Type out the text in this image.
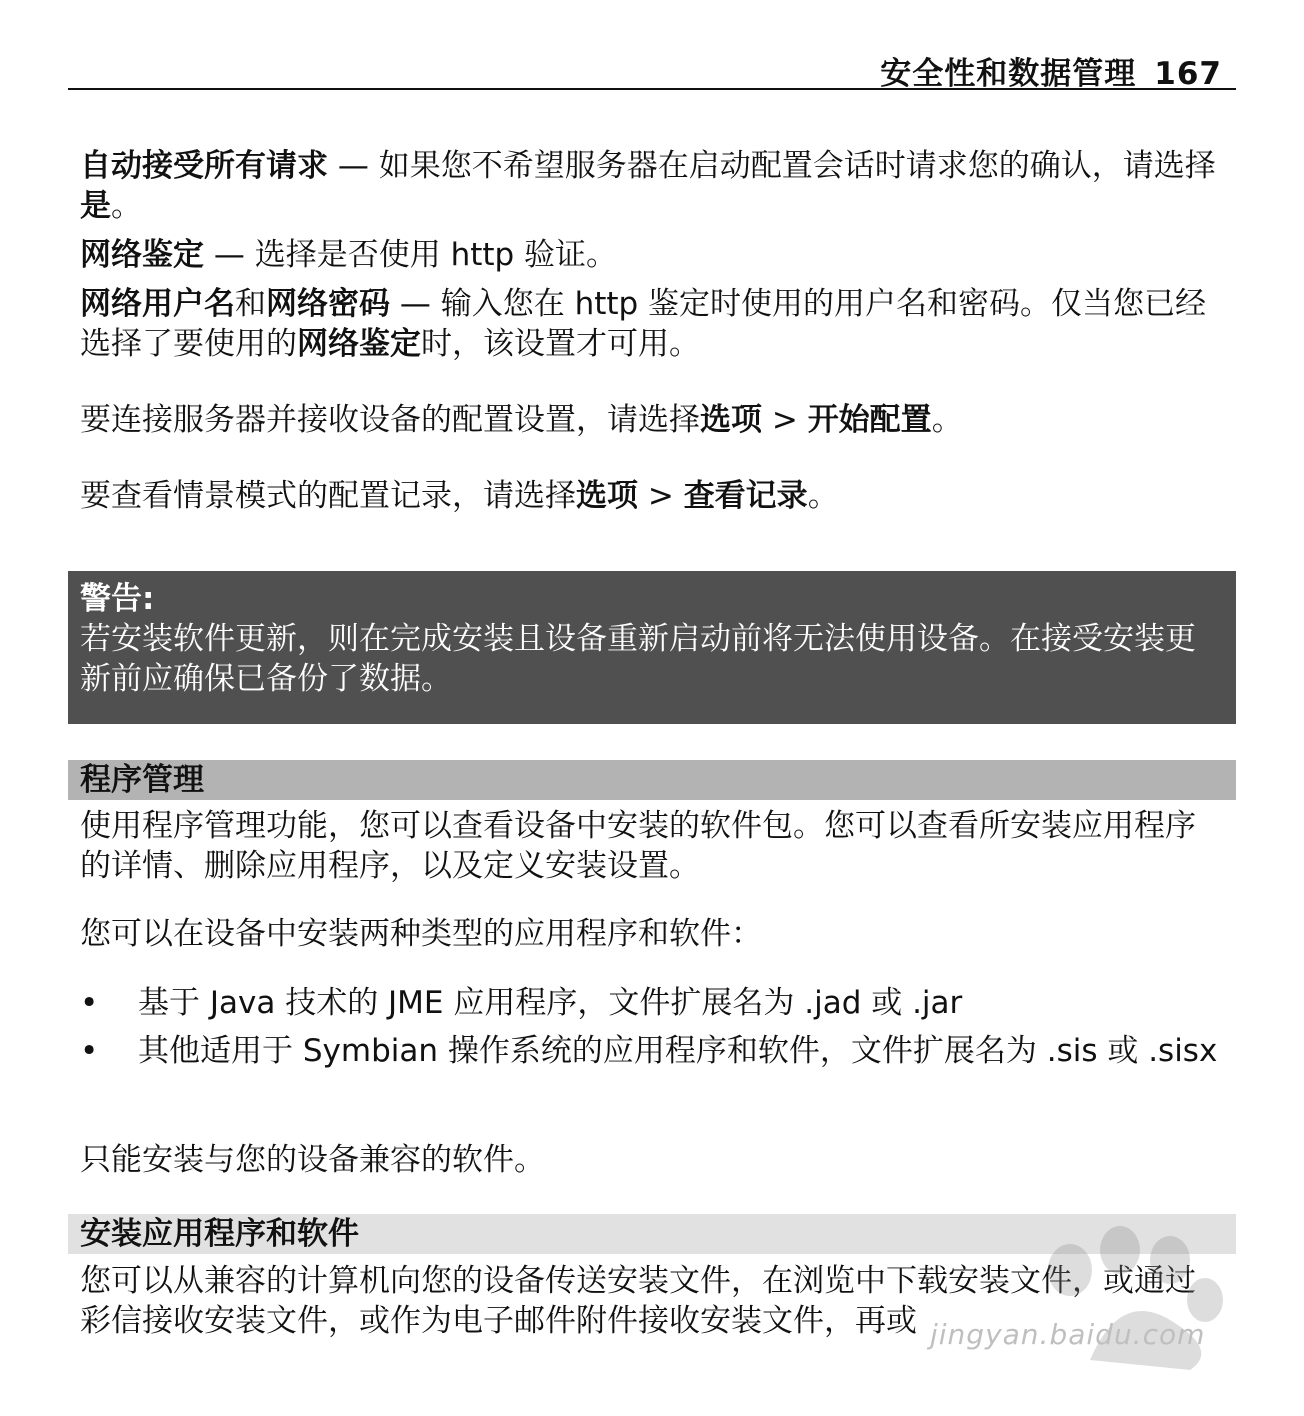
安全性和数据管理 167
自动接受所有请求 — 如果您不希望服务器在启动配置会话时请求您的确认，请选择是。
网络鉴定 — 选择是否使用 http 验证。
网络用户名和网络密码 — 输入您在 http 鉴定时使用的用户名和密码。仅当您已经选择了要使用的网络鉴定时，该设置才可用。
要连接服务器并接收设备的配置设置，请选择选项 > 开始配置。
要查看情景模式的配置记录，请选择选项 > 查看记录。
警告:
若安装软件更新，则在完成安装且设备重新启动前将无法使用设备。在接受安装更新前应确保已备份了数据。
程序管理
使用程序管理功能，您可以查看设备中安装的软件包。您可以查看所安装应用程序的详情、删除应用程序，以及定义安装设置。
您可以在设备中安装两种类型的应用程序和软件：
• 基于 Java 技术的 JME 应用程序，文件扩展名为 .jad 或 .jar
• 其他适用于 Symbian 操作系统的应用程序和软件，文件扩展名为 .sis 或 .sisx
只能安装与您的设备兼容的软件。
安装应用程序和软件
您可以从兼容的计算机向您的设备传送安装文件，在浏览中下载安装文件，或通过彩信接收安装文件，或作为电子邮件附件接收安装文件，再或 jingyan.baidu.com
